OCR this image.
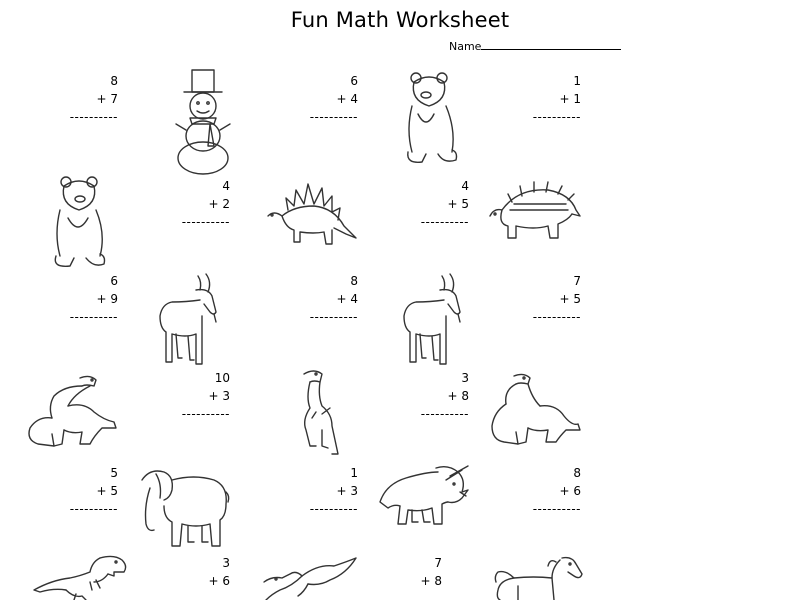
Fun Math Worksheet
Name
8
+ 7
----------
6
+ 4
----------
1
+ 1
----------
4
+ 2
----------
4
+ 5
----------
6
+ 9
----------
8
+ 4
----------
7
+ 5
----------
10
+ 3
----------
3
+ 8
----------
5
+ 5
----------
1
+ 3
----------
8
+ 6
----------
3
+ 6
7
+ 8
